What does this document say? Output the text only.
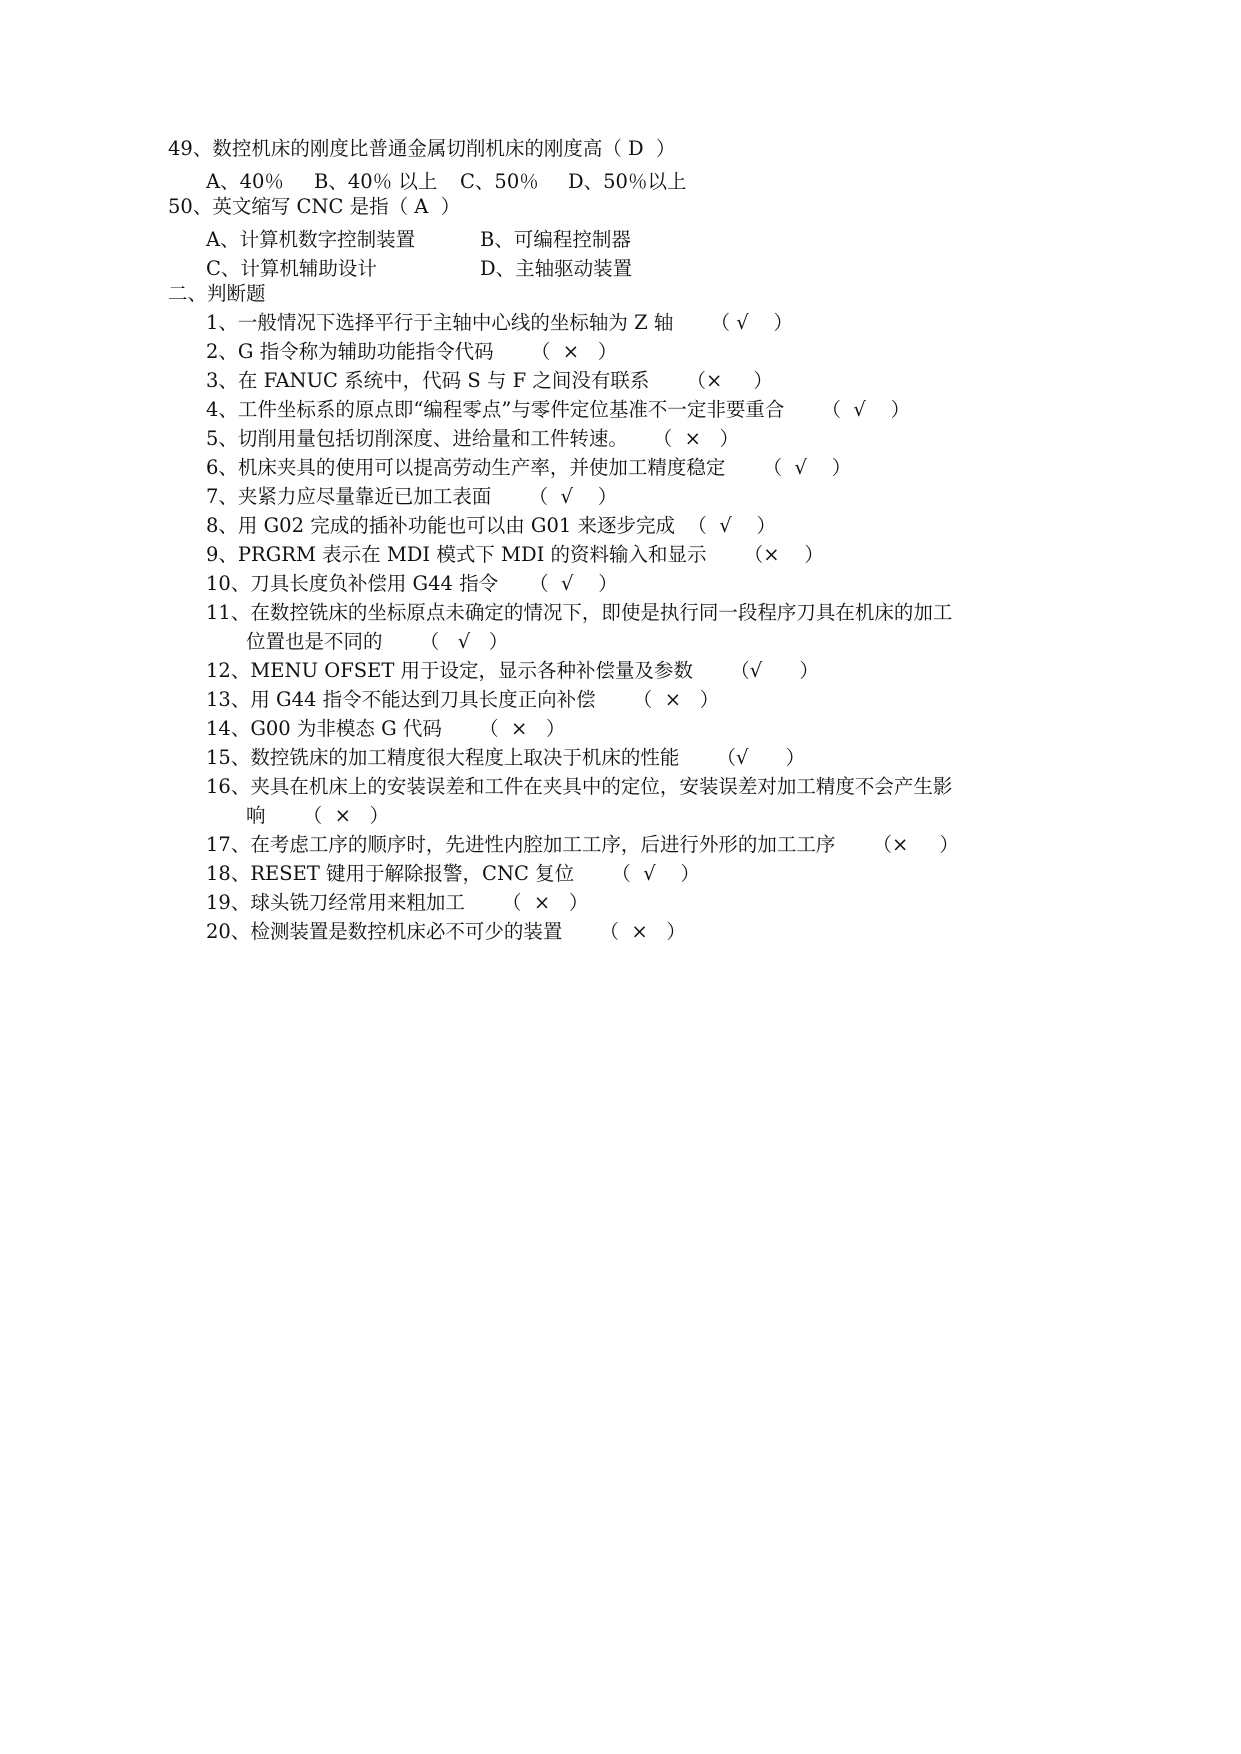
49、数控机床的刚度比普通金属切削机床的刚度高（ D  ）
A、40％ B、40％ 以上 C、50％ D、50％以上
50、英文缩写 CNC 是指（ A  ）
A、计算机数字控制装置	B、可编程控制器
C、计算机辅助设计	D、主轴驱动装置
二、判断题
1、一般情况下选择平行于主轴中心线的坐标轴为 Z 轴      （ √    ）
2、G 指令称为辅助功能指令代码      （  ×   ）
3、在 FANUC 系统中，代码 S 与 F 之间没有联系      （×     ）
4、工件坐标系的原点即“编程零点”与零件定位基准不一定非要重合      （  √    ）
5、切削用量包括切削深度、进给量和工件转速。    （  ×   ）
6、机床夹具的使用可以提高劳动生产率，并使加工精度稳定      （  √    ）
7、夹紧力应尽量靠近已加工表面      （  √    ）
8、用 G02 完成的插补功能也可以由 G01 来逐步完成  （  √    ）
9、PRGRM 表示在 MDI 模式下 MDI 的资料输入和显示      （×    ）
10、刀具长度负补偿用 G44 指令     （  √    ）
11、在数控铣床的坐标原点未确定的情况下，即使是执行同一段程序刀具在机床的加工
位置也是不同的      （   √   ）
12、MENU OFSET 用于设定，显示各种补偿量及参数      （√      ）
13、用 G44 指令不能达到刀具长度正向补偿      （  ×   ）
14、G00 为非模态 G 代码      （  ×   ）
15、数控铣床的加工精度很大程度上取决于机床的性能      （√      ）
16、夹具在机床上的安装误差和工件在夹具中的定位，安装误差对加工精度不会产生影
响      （  ×   ）
17、在考虑工序的顺序时，先进性内腔加工工序，后进行外形的加工工序      （×     ）
18、RESET 键用于解除报警，CNC 复位      （  √    ）
19、球头铣刀经常用来粗加工      （  ×   ）
20、检测装置是数控机床必不可少的装置      （  ×   ）
